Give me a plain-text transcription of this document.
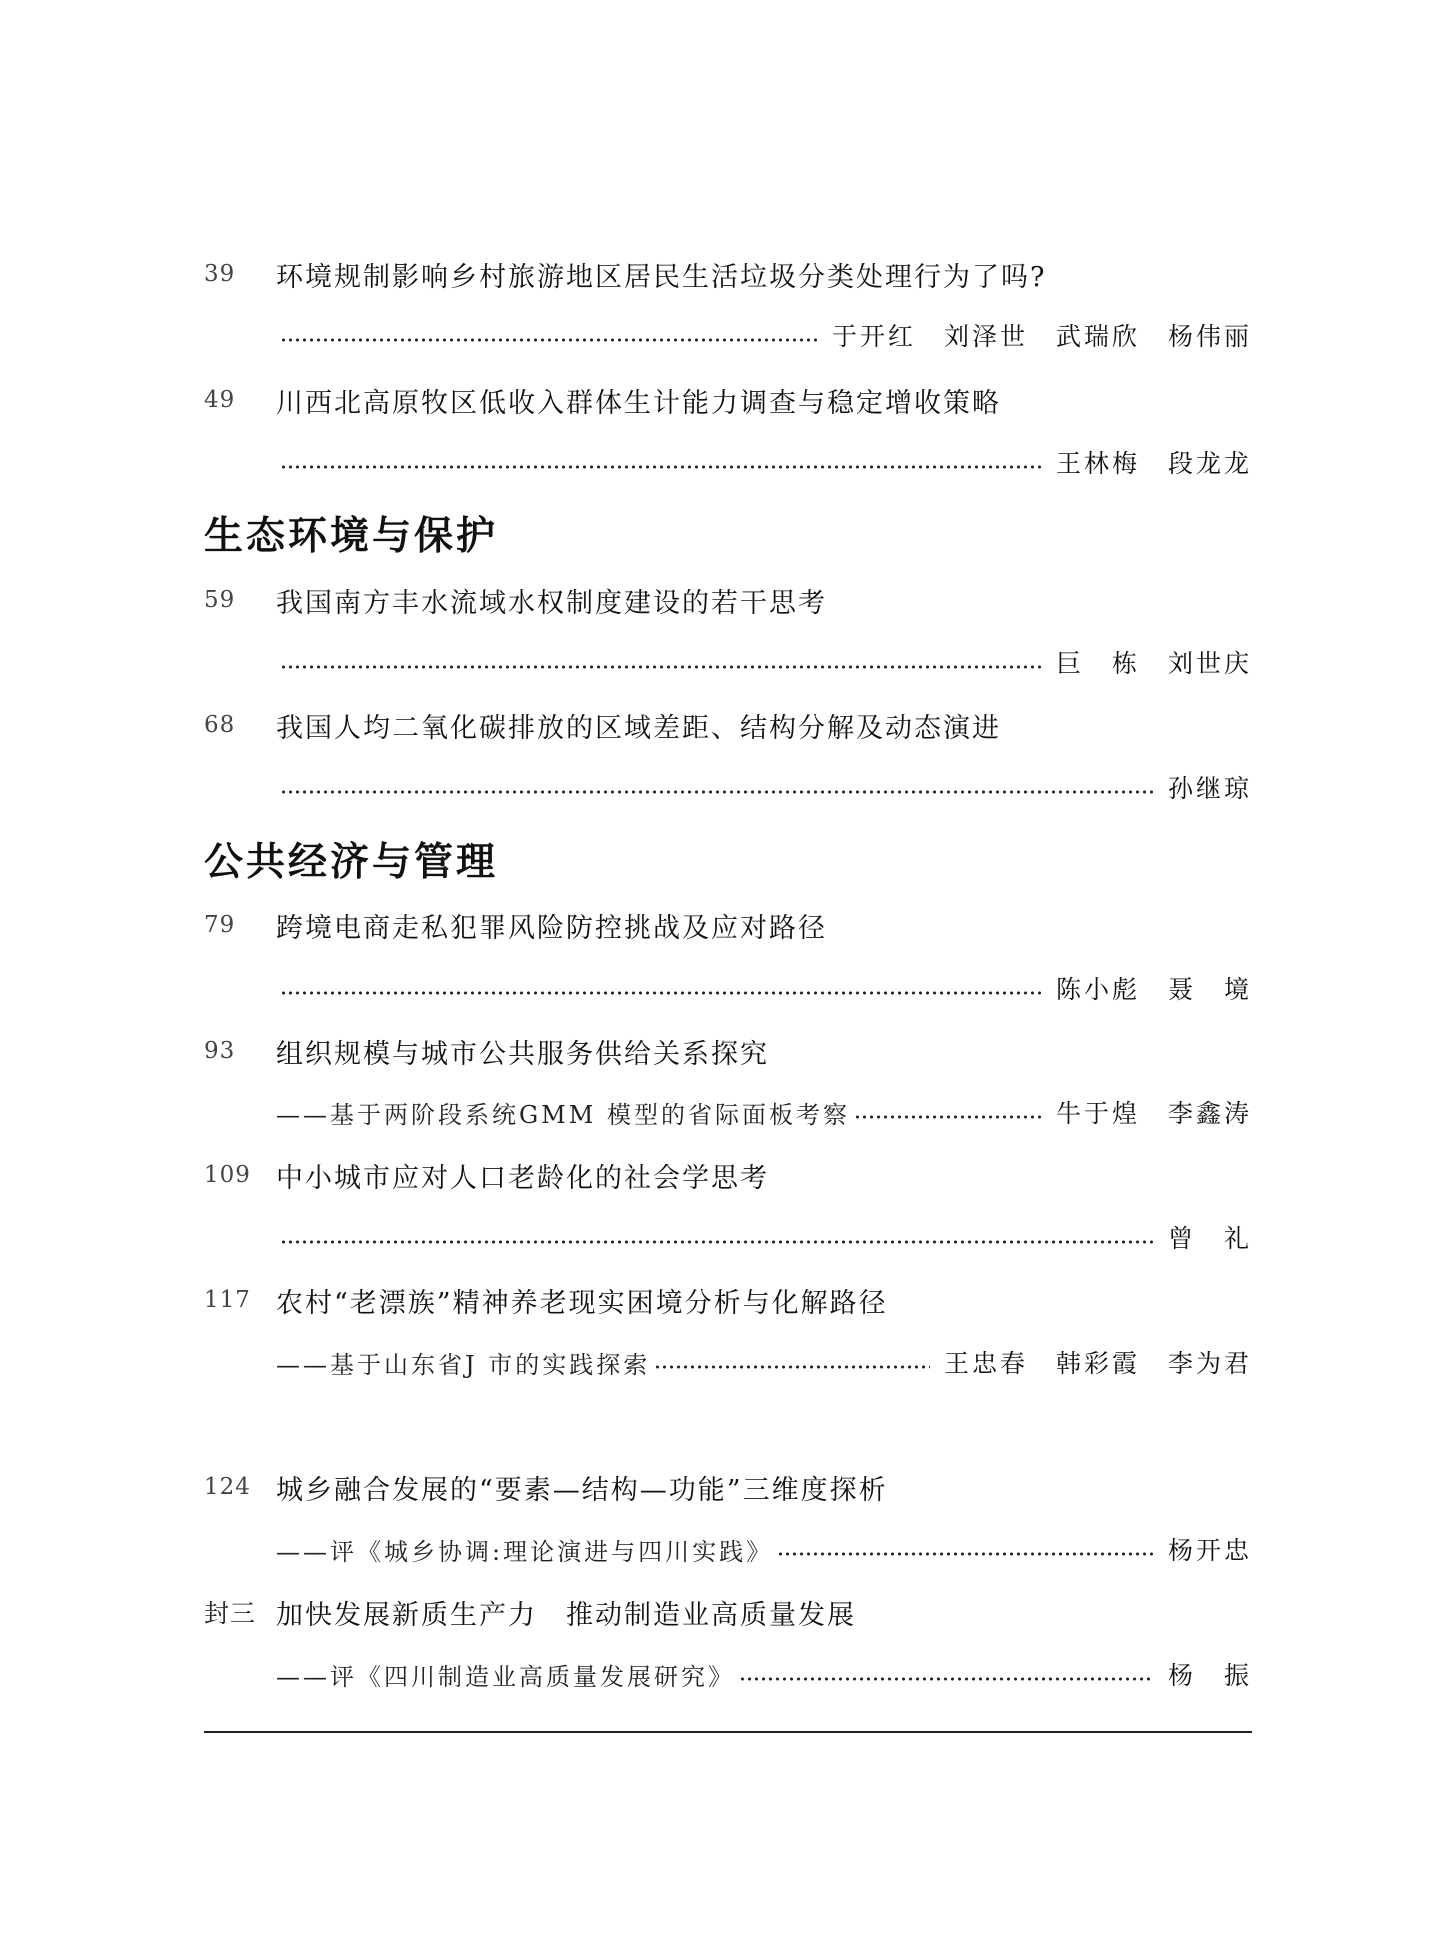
39	环境规制影响乡村旅游地区居民生活垃圾分类处理行为了吗?
于开红　刘泽世　武瑞欣　杨伟丽
49	川西北高原牧区低收入群体生计能力调查与稳定增收策略
王林梅　段龙龙
生态环境与保护
59	我国南方丰水流域水权制度建设的若干思考
巨　栋　刘世庆
68	我国人均二氧化碳排放的区域差距、结构分解及动态演进
孙继琼
公共经济与管理
79	跨境电商走私犯罪风险防控挑战及应对路径
陈小彪　聂　境
93	组织规模与城市公共服务供给关系探究
——基于两阶段系统GMM 模型的省际面板考察	牛于煌　李鑫涛
109 中小城市应对人口老龄化的社会学思考
曾　礼
117 农村“老漂族”精神养老现实困境分析与化解路径
——基于山东省J 市的实践探索	王忠春　韩彩霞　李为君
124 城乡融合发展的“要素—结构—功能”三维度探析
——评《城乡协调:理论演进与四川实践》	杨开忠
封三 加快发展新质生产力　推动制造业高质量发展
——评《四川制造业高质量发展研究》	杨　振
